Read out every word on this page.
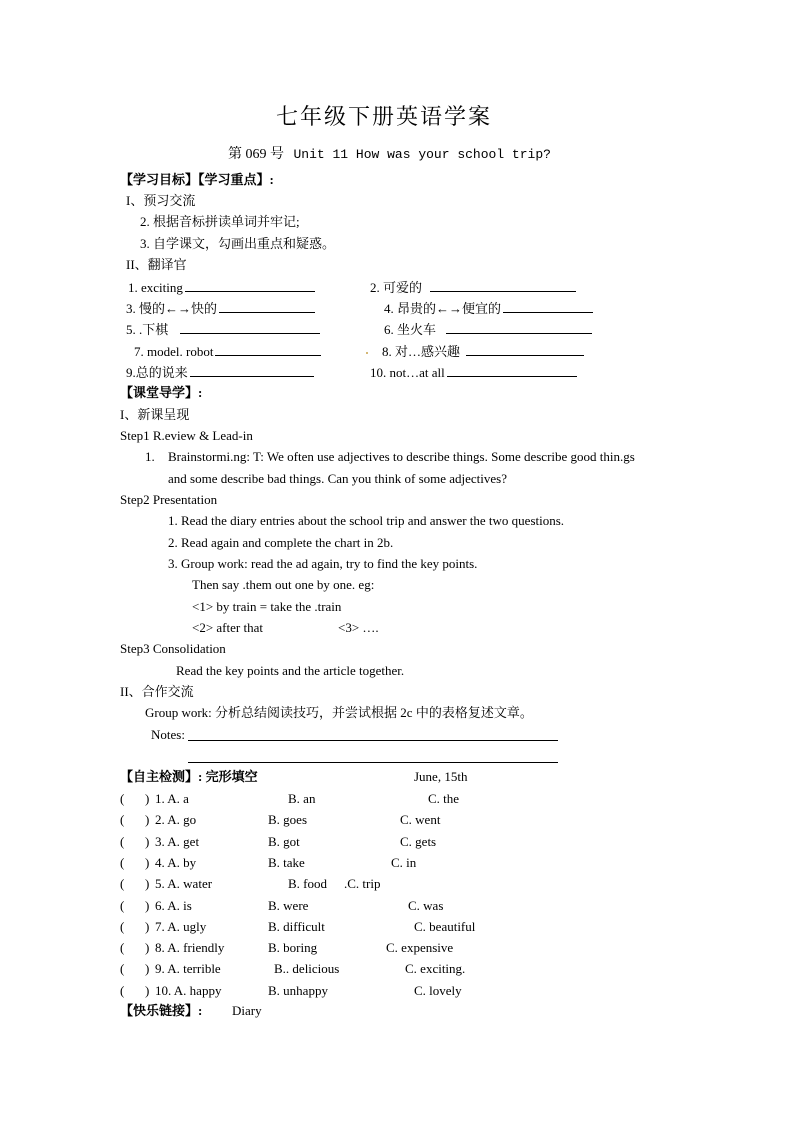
七年级下册英语学案
第 069 号 Unit 11 How was your school trip?
【学习目标】【学习重点】:
I、预习交流
2. 根据音标拼读单词并牢记;
3. 自学课文，勾画出重点和疑惑。
II、翻译官
1. exciting	2. 可爱的
3. 慢的←→快的	4. 昂贵的←→便宜的
5. .下棋	6. 坐火车
7. model. robot	8. 对…感兴趣
9.总的说来	10. not…at all
【课堂导学】:
I、新课呈现
Step1 R.eview & Lead-in
1. Brainstormi.ng: T: We often use adjectives to describe things. Some describe good thin.gs
and some describe bad things. Can you think of some adjectives?
Step2 Presentation
1. Read the diary entries about the school trip and answer the two questions.
2. Read again and complete the chart in 2b.
3. Group work: read the ad again, try to find the key points.
Then say .them out one by one. eg:
<1> by train = take the .train
<2> after that	<3> ….
Step3 Consolidation
Read the key points and the article together.
II、合作交流
Group work: 分析总结阅读技巧，并尝试根据 2c 中的表格复述文章。
Notes:
【自主检测】: 完形填空	June, 15th
( ) 1. A. a	B. an	C. the
( ) 2. A. go	B. goes	C. went
( ) 3. A. get	B. got	C. gets
( ) 4. A. by	B. take	C. in
( ) 5. A. water	B. food .C. trip
( ) 6. A. is	B. were	C. was
( ) 7. A. ugly	B. difficult	C. beautiful
( ) 8. A. friendly	B. boring	C. expensive
( ) 9. A. terrible	B.. delicious	C. exciting.
( ) 10. A. happy	B. unhappy	C. lovely
【快乐链接】: Diary
